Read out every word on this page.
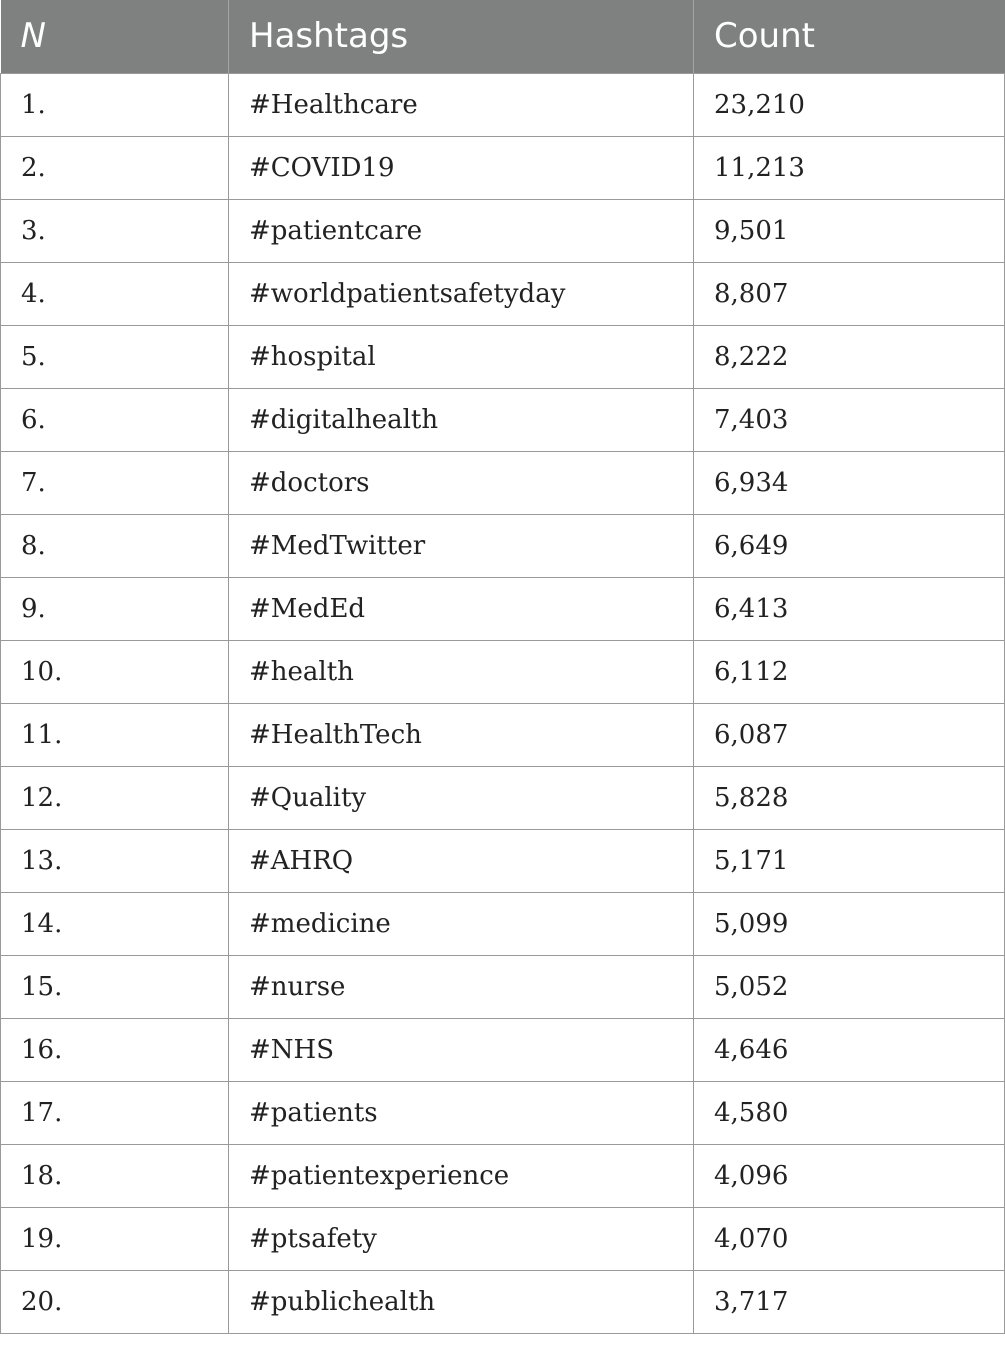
N	Hashtags	Count
1.	#Healthcare	23,210
2.	#COVID19	11,213
3.	#patientcare	9,501
4.	#worldpatientsafetyday	8,807
5.	#hospital	8,222
6.	#digitalhealth	7,403
7.	#doctors	6,934
8.	#MedTwitter	6,649
9.	#MedEd	6,413
10.	#health	6,112
11.	#HealthTech	6,087
12.	#Quality	5,828
13.	#AHRQ	5,171
14.	#medicine	5,099
15.	#nurse	5,052
16.	#NHS	4,646
17.	#patients	4,580
18.	#patientexperience	4,096
19.	#ptsafety	4,070
20.	#publichealth	3,717
